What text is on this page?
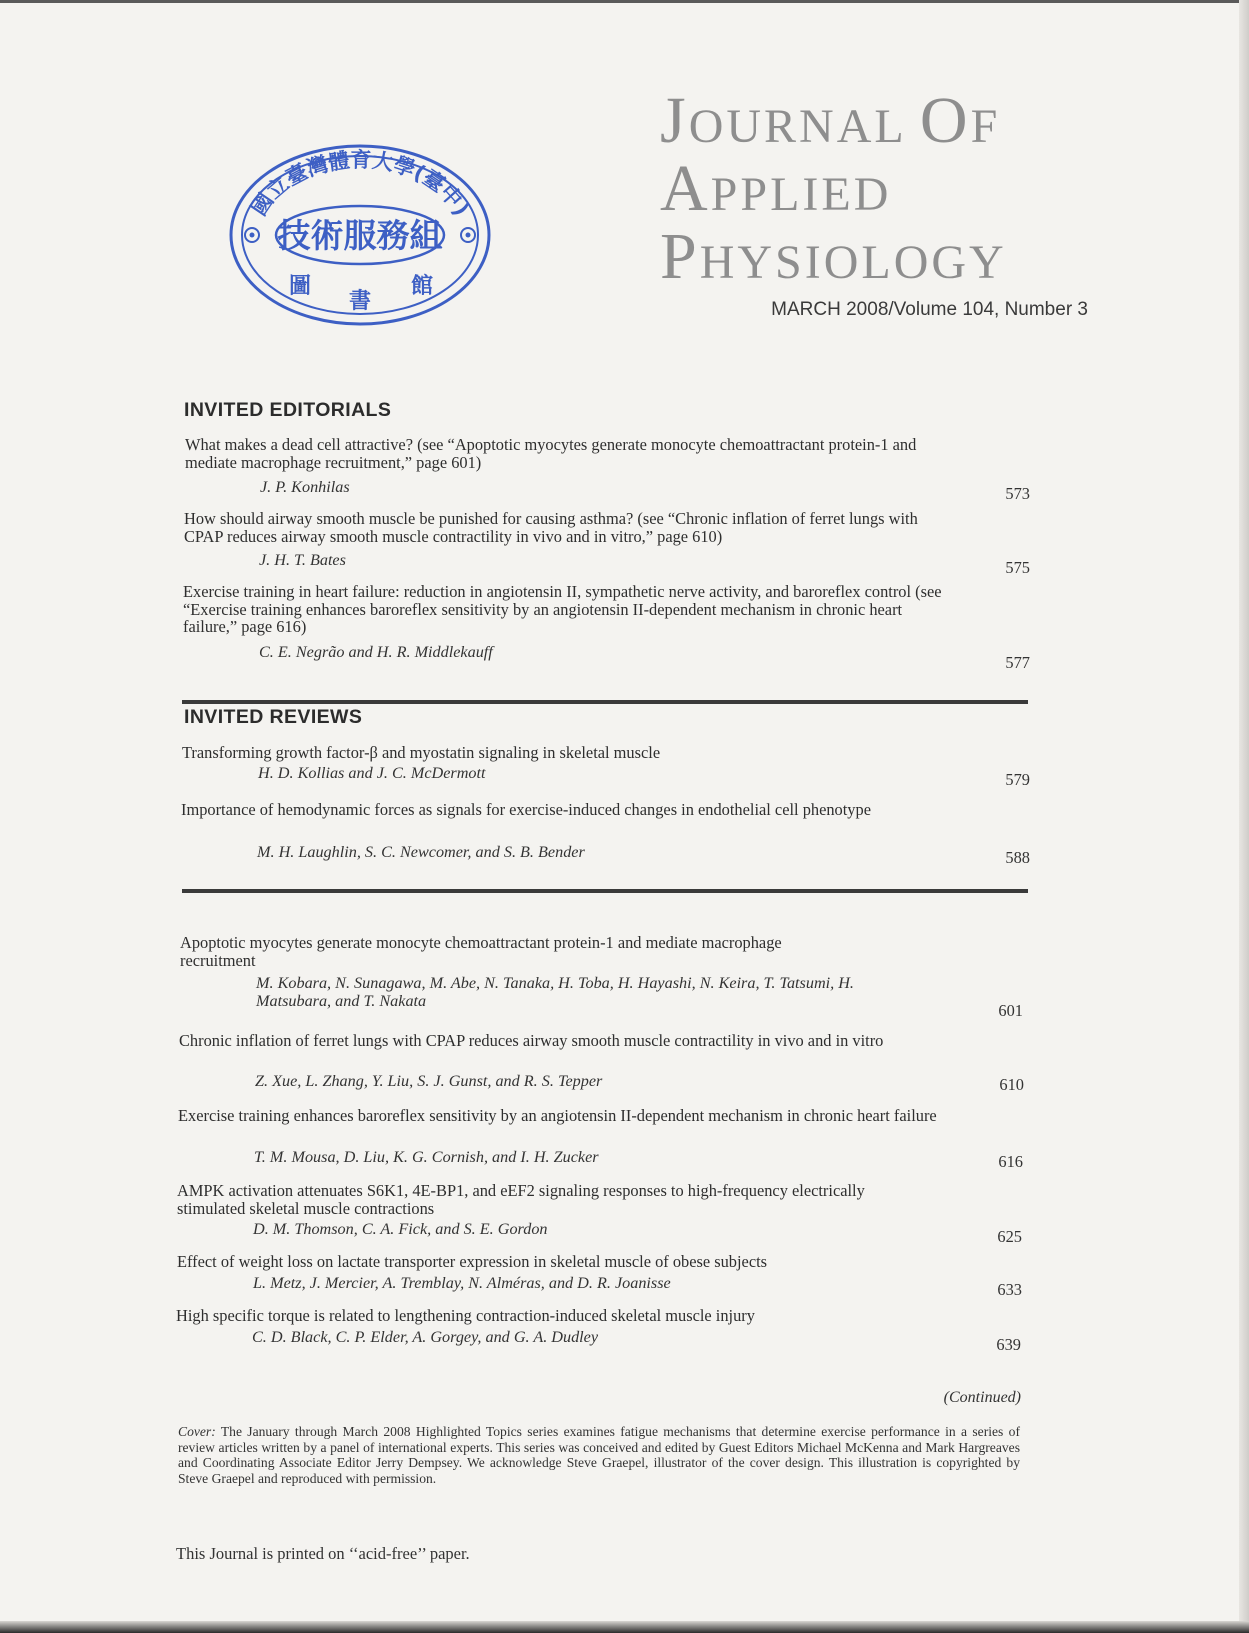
國立臺灣體育大學(臺中)
技術服務組
圖
書
館
JOURNAL OF
APPLIED
PHYSIOLOGY
MARCH 2008/Volume 104, Number 3
INVITED EDITORIALS
What makes a dead cell attractive? (see “Apoptotic myocytes generate monocyte chemoattractant protein-1 and mediate macrophage recruitment,” page 601)
J. P. Konhilas	573
How should airway smooth muscle be punished for causing asthma? (see “Chronic inflation of ferret lungs with CPAP reduces airway smooth muscle contractility in vivo and in vitro,” page 610)
J. H. T. Bates	575
Exercise training in heart failure: reduction in angiotensin II, sympathetic nerve activity, and baroreflex control (see “Exercise training enhances baroreflex sensitivity by an angiotensin II-dependent mechanism in chronic heart failure,” page 616)
C. E. Negrão and H. R. Middlekauff
577
INVITED REVIEWS
Transforming growth factor-β and myostatin signaling in skeletal muscle
H. D. Kollias and J. C. McDermott	579
Importance of hemodynamic forces as signals for exercise-induced changes in endothelial cell phenotype
M. H. Laughlin, S. C. Newcomer, and S. B. Bender	588
Apoptotic myocytes generate monocyte chemoattractant protein-1 and mediate macrophage recruitment
M. Kobara, N. Sunagawa, M. Abe, N. Tanaka, H. Toba, H. Hayashi, N. Keira, T. Tatsumi, H. Matsubara, and T. Nakata	601
Chronic inflation of ferret lungs with CPAP reduces airway smooth muscle contractility in vivo and in vitro
Z. Xue, L. Zhang, Y. Liu, S. J. Gunst, and R. S. Tepper	610
Exercise training enhances baroreflex sensitivity by an angiotensin II-dependent mechanism in chronic heart failure
T. M. Mousa, D. Liu, K. G. Cornish, and I. H. Zucker	616
AMPK activation attenuates S6K1, 4E-BP1, and eEF2 signaling responses to high-frequency electrically stimulated skeletal muscle contractions
D. M. Thomson, C. A. Fick, and S. E. Gordon	625
Effect of weight loss on lactate transporter expression in skeletal muscle of obese subjects
L. Metz, J. Mercier, A. Tremblay, N. Alméras, and D. R. Joanisse	633
High specific torque is related to lengthening contraction-induced skeletal muscle injury
C. D. Black, C. P. Elder, A. Gorgey, and G. A. Dudley	639
(Continued)
Cover: The January through March 2008 Highlighted Topics series examines fatigue mechanisms that determine exercise performance in a series of review articles written by a panel of international experts. This series was conceived and edited by Guest Editors Michael McKenna and Mark Hargreaves and Coordinating Associate Editor Jerry Dempsey. We acknowledge Steve Graepel, illustrator of the cover design. This illustration is copyrighted by Steve Graepel and reproduced with permission.
This Journal is printed on ‘‘acid-free’’ paper.
